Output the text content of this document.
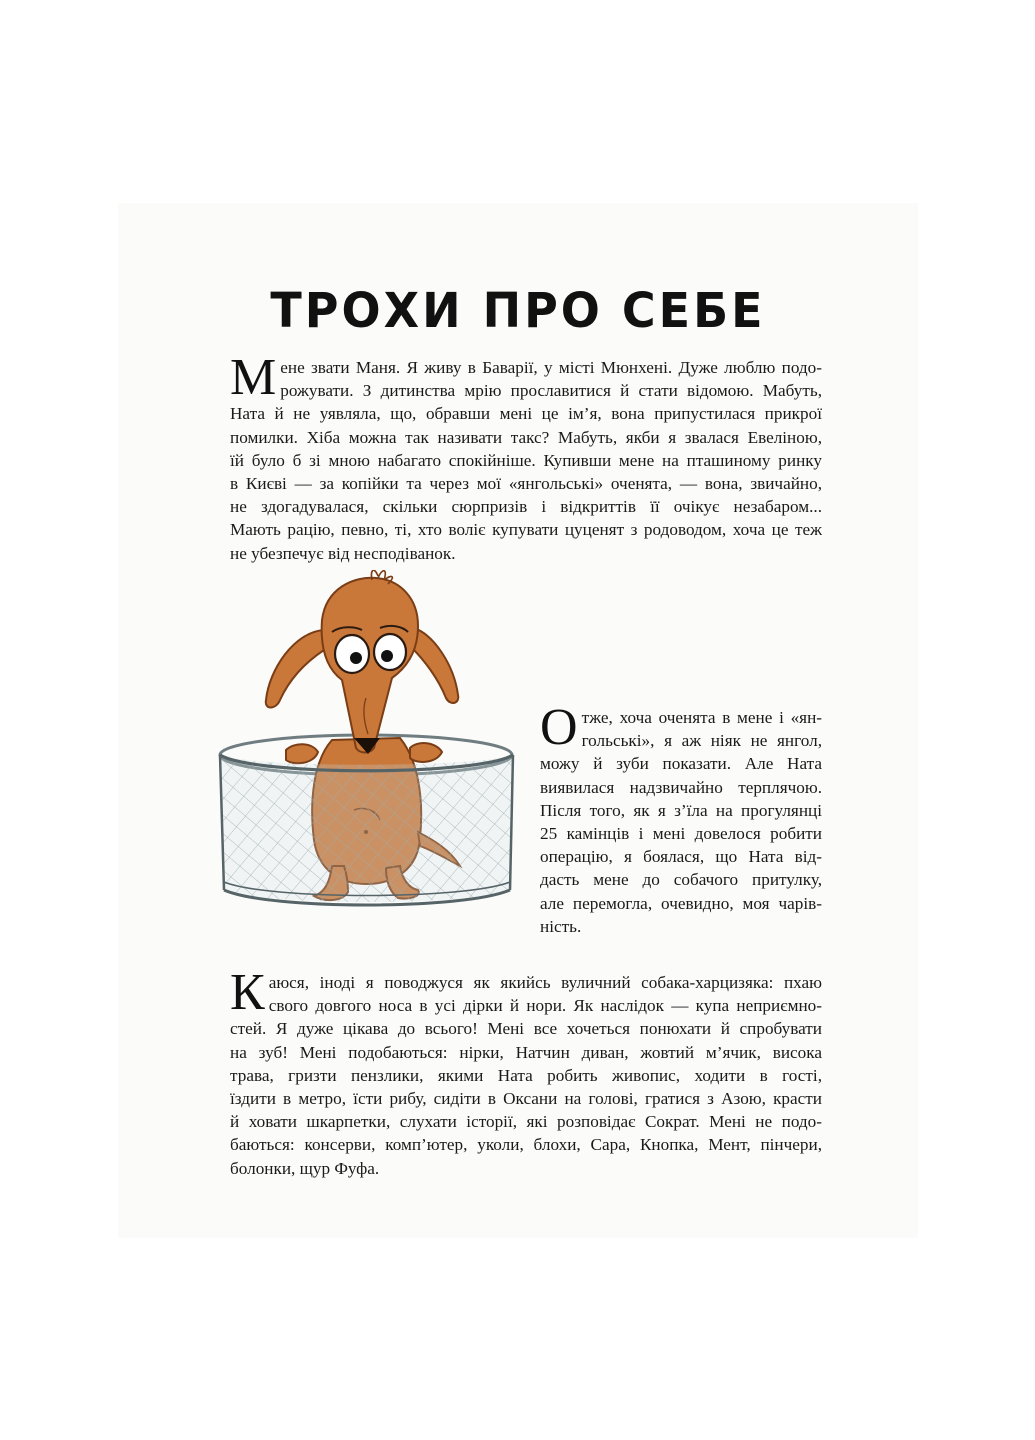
ТРОХИ ПРО СЕБЕ
М ене звати Маня. Я живу в Баварії, у місті Мюнхені. Дуже люблю подо-
рожувати. З дитинства мрію прославитися й стати відомою. Мабуть,
Ната й не уявляла, що, обравши мені це ім’я, вона припустилася прикрої
помилки. Хіба можна так називати такс? Мабуть, якби я звалася Евеліною,
їй було б зі мною набагато спокійніше. Купивши мене на пташиному ринку
в Києві — за копійки та через мої «янгольські» оченята, — вона, звичайно,
не здогадувалася, скільки сюрпризів і відкриттів її очікує незабаром...
Мають рацію, певно, ті, хто воліє купувати цуценят з родоводом, хоча це теж
не убезпечує від несподіванок.
О тже, хоча оченята в мене і «ян-
гольські», я аж ніяк не янгол,
можу й зуби показати. Але Ната
виявилася надзвичайно терплячою.
Після того, як я з’їла на прогулянці
25 камінців і мені довелося робити
операцію, я боялася, що Ната від-
дасть мене до собачого притулку,
але перемогла, очевидно, моя чарів-
ність.
К аюся, іноді я поводжуся як якийсь вуличний собака-харцизяка: пхаю
свого довгого носа в усі дірки й нори. Як наслідок — купа неприємно-
стей. Я дуже цікава до всього! Мені все хочеться понюхати й спробувати
на зуб! Мені подобаються: нірки, Натчин диван, жовтий м’ячик, висока
трава, гризти пензлики, якими Ната робить живопис, ходити в гості,
їздити в метро, їсти рибу, сидіти в Оксани на голові, гратися з Азою, красти
й ховати шкарпетки, слухати історії, які розповідає Сократ. Мені не подо-
баються: консерви, комп’ютер, уколи, блохи, Сара, Кнопка, Мент, пінчери,
болонки, щур Фуфа.
